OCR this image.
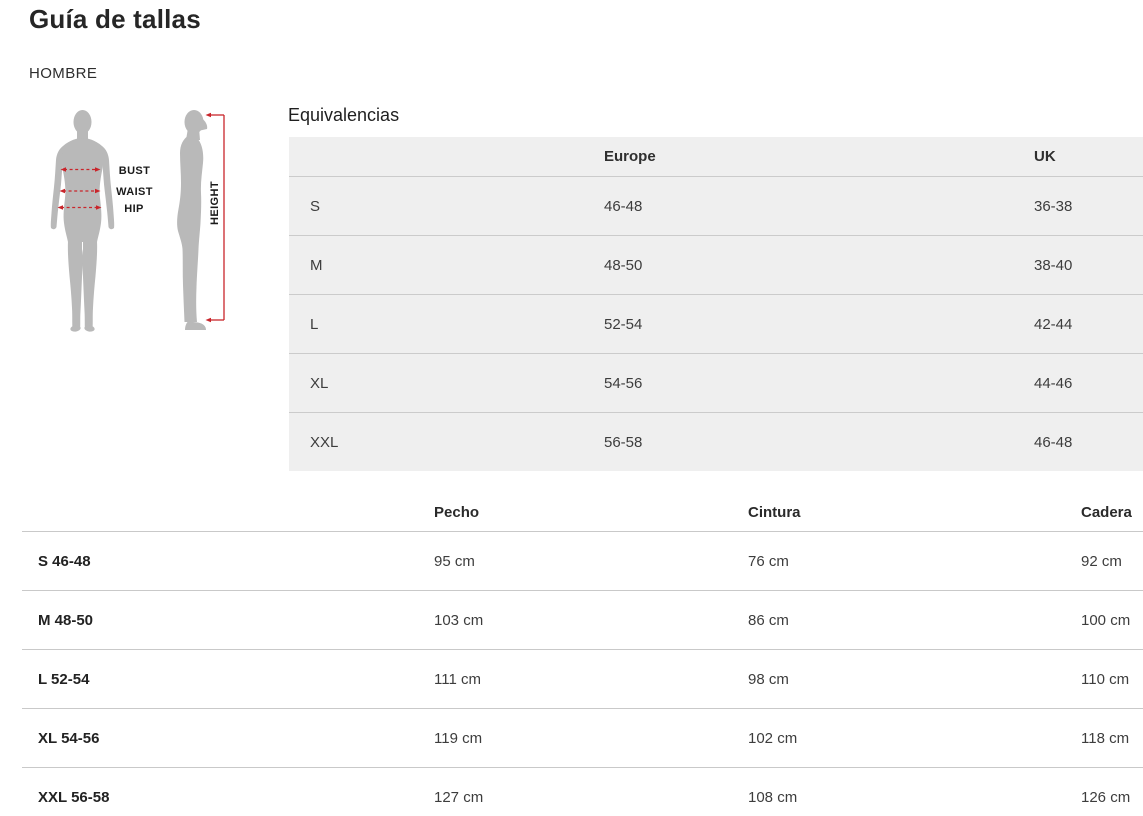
Guía de tallas
HOMBRE
BUST
WAIST
HIP	HEIGHT
Equivalencias
	Europe	UK
S	46-48	36-38
M	48-50	38-40
L	52-54	42-44
XL	54-56	44-46
XXL	56-58	46-48
	Pecho	Cintura	Cadera
S 46-48	95 cm	76 cm	92 cm
M 48-50	103 cm	86 cm	100 cm
L 52-54	111 cm	98 cm	110 cm
XL 54-56	119 cm	102 cm	118 cm
XXL 56-58	127 cm	108 cm	126 cm
